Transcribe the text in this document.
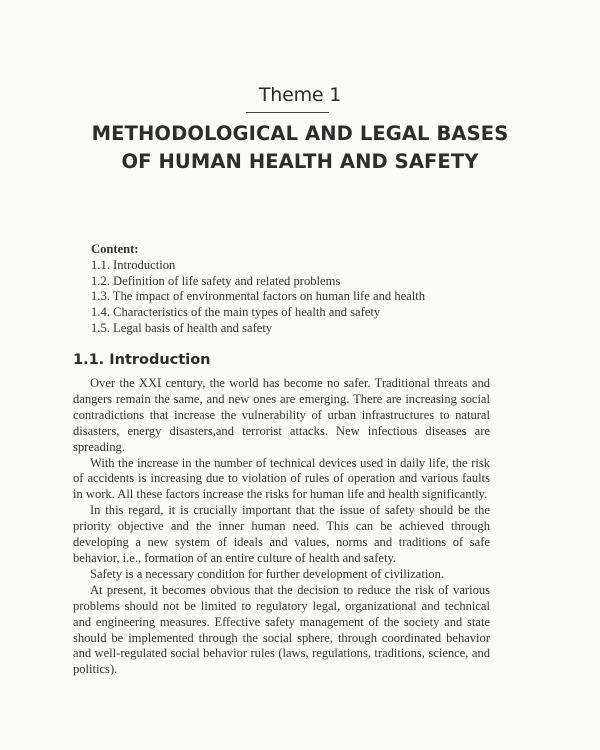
Theme 1
METHODOLOGICAL AND LEGAL BASES
OF HUMAN HEALTH AND SAFETY
Content:
1.1. Introduction
1.2. Definition of life safety and related problems
1.3. The impact of environmental factors on human life and health
1.4. Characteristics of the main types of health and safety
1.5. Legal basis of health and safety
1.1. Introduction

Over the XXI century, the world has become no safer. Traditional threats and dangers remain the same, and new ones are emerging. There are increasing social contradictions that increase the vulnerability of urban infrastructures to natural disasters, energy disasters,and terrorist attacks. New infectious diseases are spreading.

With the increase in the number of technical devices used in daily life, the risk of accidents is increasing due to violation of rules of operation and various faults in work. All these factors increase the risks for human life and health significantly.

In this regard, it is crucially important that the issue of safety should be the priority objective and the inner human need. This can be achieved through developing a new system of ideals and values, norms and traditions of safe behavior, i.e., formation of an entire culture of health and safety.

Safety is a necessary condition for further development of civilization.

At present, it becomes obvious that the decision to reduce the risk of various problems should not be limited to regulatory legal, organizational and technical and engineering measures. Effective safety management of the society and state should be implemented through the social sphere, through coordinated behavior and well-regulated social behavior rules (laws, regulations, traditions, science, and politics).
